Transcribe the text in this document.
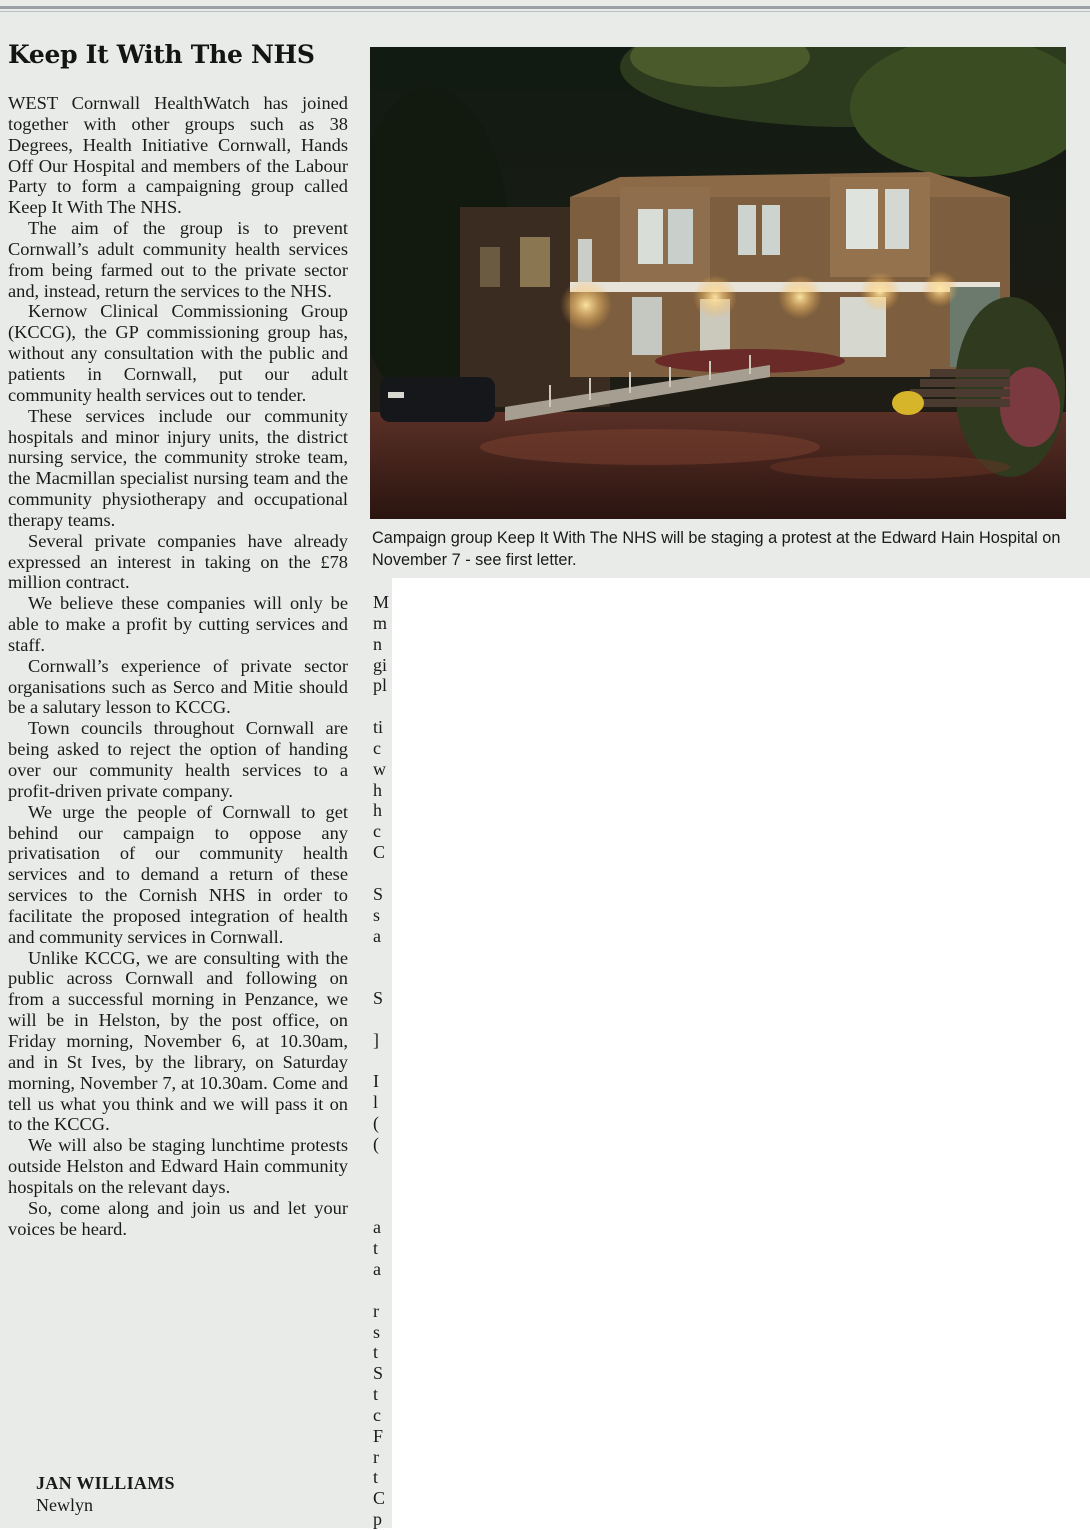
Keep It With The NHS

WEST Cornwall HealthWatch has joined together with other groups such as 38 Degrees, Health Initiative Cornwall, Hands Off Our Hospital and members of the Labour Party to form a campaigning group called Keep It With The NHS.

The aim of the group is to prevent Cornwall’s adult community health services from being farmed out to the private sector and, instead, return the services to the NHS.

Kernow Clinical Commissioning Group (KCCG), the GP commissioning group has, without any consultation with the public and patients in Cornwall, put our adult community health services out to tender.

These services include our community hospitals and minor injury units, the district nursing service, the community stroke team, the Macmillan specialist nursing team and the community physiotherapy and occupational therapy teams.

Several private companies have already expressed an interest in taking on the £78 million contract.

We believe these companies will only be able to make a profit by cutting services and staff.

Cornwall’s experience of private sector organisations such as Serco and Mitie should be a salutary lesson to KCCG.

Town councils throughout Cornwall are being asked to reject the option of handing over our community health services to a profit-driven private company.

We urge the people of Cornwall to get behind our campaign to oppose any privatisation of our community health services and to demand a return of these services to the Cornish NHS in order to facilitate the proposed integration of health and community services in Cornwall.

Unlike KCCG, we are consulting with the public across Cornwall and following on from a successful morning in Penzance, we will be in Helston, by the post office, on Friday morning, November 6, at 10.30am, and in St Ives, by the library, on Saturday morning, November 7, at 10.30am. Come and tell us what you think and we will pass it on to the KCCG.

We will also be staging lunchtime protests outside Helston and Edward Hain community hospitals on the relevant days.

So, come along and join us and let your voices be heard.

JAN WILLIAMS
Newlyn
Campaign group Keep It With The NHS will be staging a protest at the Edward Hain Hospital on November 7 - see first letter.
M
m
n
gi
pl
ti
c
w
h
h
c
C
S
s
a
S
]
I
l
(
(
a
t
a
r
s
t
S
t
c
F
r
t
C
p
